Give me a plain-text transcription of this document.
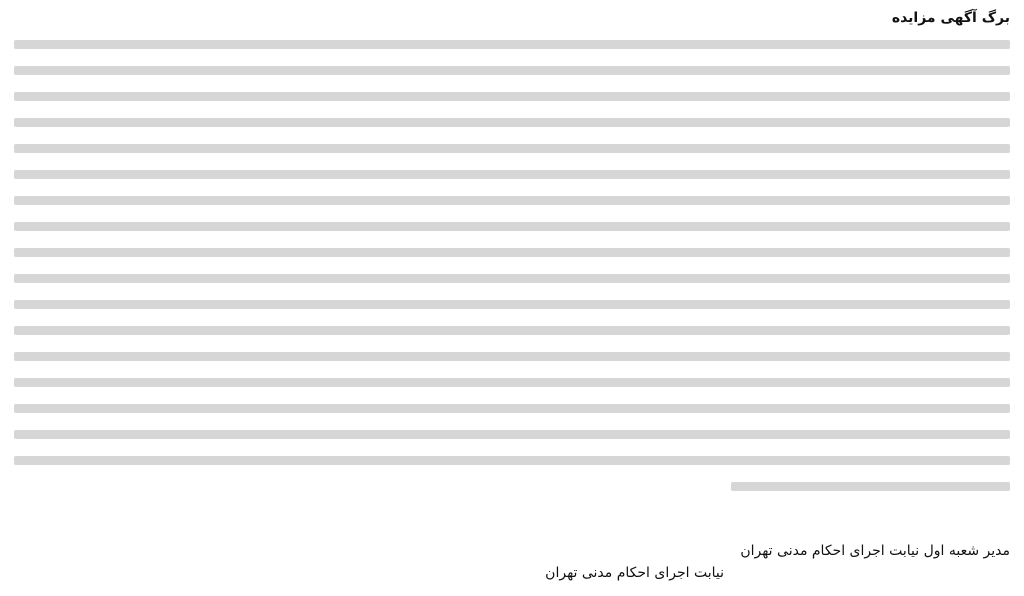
برگ آگهی مزایده
مدیر شعبه اول نیابت اجرای احکام مدنی تهران
نیابت اجرای احکام مدنی تهران
